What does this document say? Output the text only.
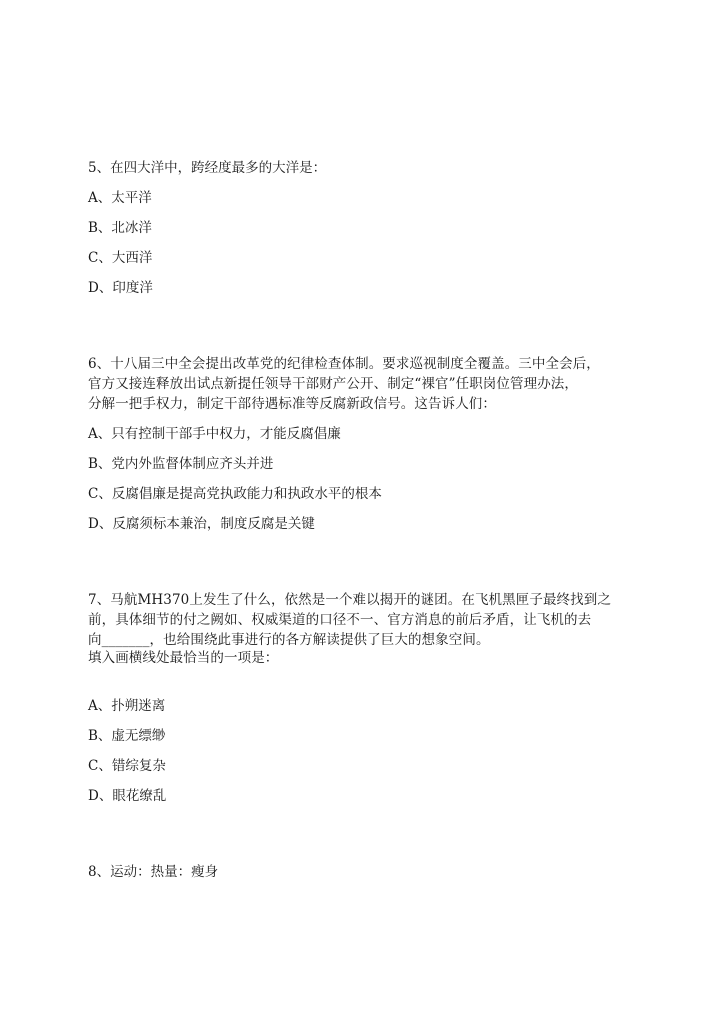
5、在四大洋中，跨经度最多的大洋是：
A、太平洋
B、北冰洋
C、大西洋
D、印度洋
6、十八届三中全会提出改革党的纪律检查体制。要求巡视制度全覆盖。三中全会后，
官方又接连释放出试点新提任领导干部财产公开、制定“裸官”任职岗位管理办法，
分解一把手权力，制定干部待遇标准等反腐新政信号。这告诉人们：
A、只有控制干部手中权力，才能反腐倡廉
B、党内外监督体制应齐头并进
C、反腐倡廉是提高党执政能力和执政水平的根本
D、反腐须标本兼治，制度反腐是关键
7、马航MH370上发生了什么，依然是一个难以揭开的谜团。在飞机黑匣子最终找到之
前，具体细节的付之阙如、权威渠道的口径不一、官方消息的前后矛盾，让飞机的去
向_______，也给围绕此事进行的各方解读提供了巨大的想象空间。
填入画横线处最恰当的一项是：
A、扑朔迷离
B、虚无缥缈
C、错综复杂
D、眼花缭乱
8、运动：热量：瘦身
